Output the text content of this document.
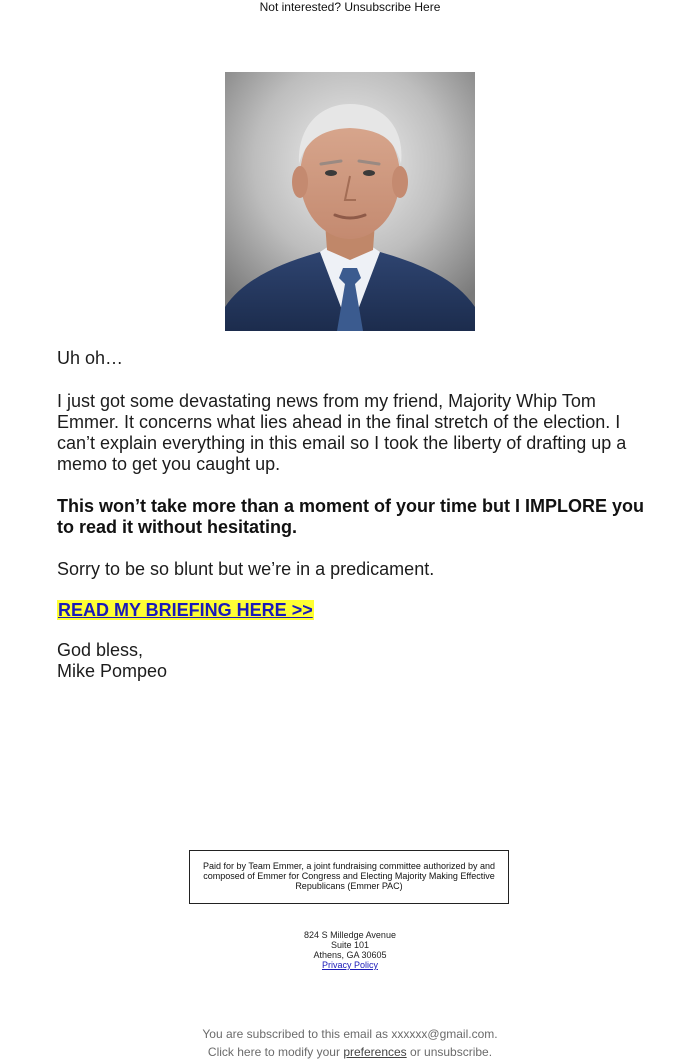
Not interested? Unsubscribe Here
Uh oh…
I just got some devastating news from my friend, Majority Whip Tom Emmer. It concerns what lies ahead in the final stretch of the election. I can’t explain everything in this email so I took the liberty of drafting up a memo to get you caught up.
This won’t take more than a moment of your time but I IMPLORE you to read it without hesitating.
Sorry to be so blunt but we’re in a predicament.
READ MY BRIEFING HERE >>
God bless,
Mike Pompeo
Paid for by Team Emmer, a joint fundraising committee authorized by and composed of Emmer for Congress and Electing Majority Making Effective Republicans (Emmer PAC)
824 S Milledge Avenue
Suite 101
Athens, GA 30605
Privacy Policy
You are subscribed to this email as xxxxxx@gmail.com.
Click here to modify your preferences or unsubscribe.
